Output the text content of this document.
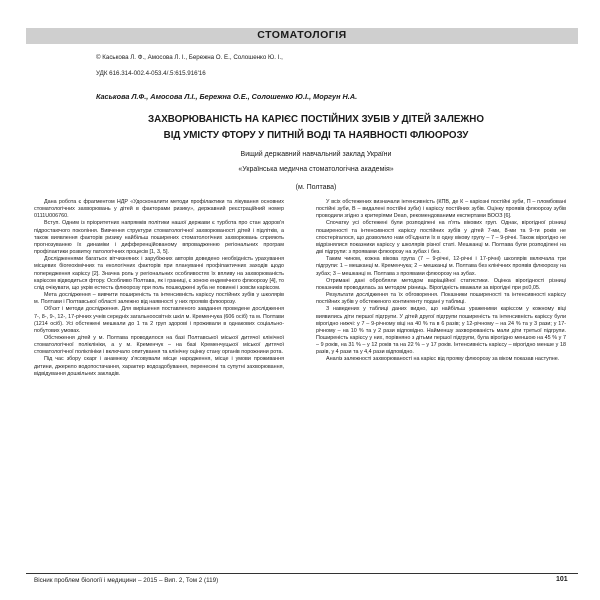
СТОМАТОЛОГІЯ
© Каськова Л. Ф., Амосова Л. І., Бережна О. Е., Солошенко Ю. І.,
УДК 616.314-002.4-053.4/.5:615.916'16
Каськова Л.Ф., Амосова Л.І., Бережна О.Е., Солошенко Ю.І., Моргун Н.А.
ЗАХВОРЮВАНІСТЬ НА КАРІЄС ПОСТІЙНИХ ЗУБІВ У ДІТЕЙ ЗАЛЕЖНО
ВІД УМІСТУ ФТОРУ У ПИТНІЙ ВОДІ ТА НАЯВНОСТІ ФЛЮОРОЗУ
Вищий державний навчальний заклад України
«Українська медична стоматологічна академія»
(м. Полтава)

Дана робота є фрагментом НДР «Удосконалити методи профілактики та лікування основних стоматологічних захворювань у дітей в факторами ризику», державний реєстраційний номер 0111U006760.

Вступ. Одним із пріоритетних напрямків політики нашої держави є турбота про стан здоров'я підростаючого покоління. Вивчення структури стоматологічної захворюваності дітей і підлітків, а також виявлення факторів ризику найбільш поширених стоматологічних захворювань сприяють прогнозуванню їх динаміки і дифференційованому впровадженню регіональних програм профілактики розвитку патологічних процесів [1, 3, 5].

Дослідженнями багатьох вітчизняних і зарубіжних авторів доведено необхідність урахування місцевих біогеохімічних та екологічних факторів при плануванні профілактичних заходів щодо попередження карієсу [2]. Значна роль у регіональних особливостях їх впливу на захворюваність карієсом відводиться фтору. Особливо Полтава, як і границі, є зоною ендемічного флюорозу [4], то слід очікувати, що укрів естесть флюорозу при поль пошкоджені зуба не повинні і зовсім карієсом.

Мета дослідження – вивчити поширеність та інтенсивність карієсу постійних зубів у школярів м. Полтави і Полтавської області залежно від наявності у них проявів флюорозу.

Об'єкт і методи дослідження. Для вирішення поставленого завдання проведене дослідження 7-, 8-, 9-, 12-, 17-річних учнів середніх загальноосвітніх шкіл м. Кременчука (606 осіб) та м. Полтави (1214 осіб). Усі обстежені мешкали до 1 та 2 груп здорові і проживали в однакових соціально-побутових умовах.

Обстеження дітей у м. Полтава проводилося на базі Полтавської міської дитячої клінічної стоматологічної поліклініки, а у м. Кременчук – на базі Кременчуцької міської дитячої стоматологічної поліклініки і включало опитування та клінічну оцінку стану органів порожнини рота.

Під час збору скарг і анамнезу з'ясовували місце народження, місце і умови проживання дитини, джерело водопостачання, характер водоздобування, перенесені та супутні захворювання, відвідування дошкільних закладів.

У всіх обстежених визначали інтенсивність (КПВ, де К – каріозні постійні зуби, П – пломбовані постійні зуби, В – видалені постійні зуби) і карієсу постійних зубів. Оцінку проявів флюорозу зубів проводили згідно з критеріями Dean, рекомендованими експертами ВООЗ [6].

Спочатку усі обстежені були розподілені на п'ять вікових груп. Однак, вірогідної різниці поширеності та інтенсивності карієсу постійних зубів у дітей 7-ми, 8-ми та 9-ти років не спостерігалося, що дозволило нам об'єднати їх в одну вікову групу – 7 – 9-річні. Також вірогідно не відрізнялися показники карієсу у школярів різної статі. Мешканці м. Полтава були розподілені на дві підгрупи: з проявами флюорозу на зубах і без.

Таким чином, кожна вікова група (7 – 9-річні, 12-річні і 17-річні) школярів включала три підгрупи: 1 – мешканці м. Кременчука; 2 – мешканці м. Полтава без клінічних проявів флюорозу на зубах; 3 – мешканці м. Полтава з проявами флюорозу на зубах.

Отримані дані обробляли методом варіаційної статистики. Оцінка вірогідності різниці показників проводилась за методом різниць. Вірогідність вважали за вірогідні при p≤0,05.

Результати дослідження та їх обговорення. Показники поширеності та інтенсивності карієсу постійних зубів у обстеженого контингенту подані у таблиці.

З наведених у таблиці даних видно, що найбільш ураженими карієсом у кожному віці виявились діти першої підгрупи. У дітей другої підгрупи поширеність та інтенсивність карієсу були вірогідно нижчі: у 7 – 9-річному віці на 40 % та в 6 разів; у 12-річному – на 24 % та у 3 рази; у 17-річному – на 10 % та у 2 рази відповідно. Найменшу захворюваність мали діти третьої підгрупи. Поширеність карієсу у них, порівняно з дітьми першої підгрупи, була вірогідно меншою на 45 % у 7 – 9 років, на 31 % – у 12 років та на 22 % – у 17 років. Інтенсивність карієсу – вірогідно менше у 18 разів, у 4 рази та у 4,4 рази відповідно.

Аналіз залежності захворюваності на карієс від прояву флюорозу за віком показав наступне.

Вісник проблем біології і медицини – 2015 – Вип. 2, Том 2 (119)	101
